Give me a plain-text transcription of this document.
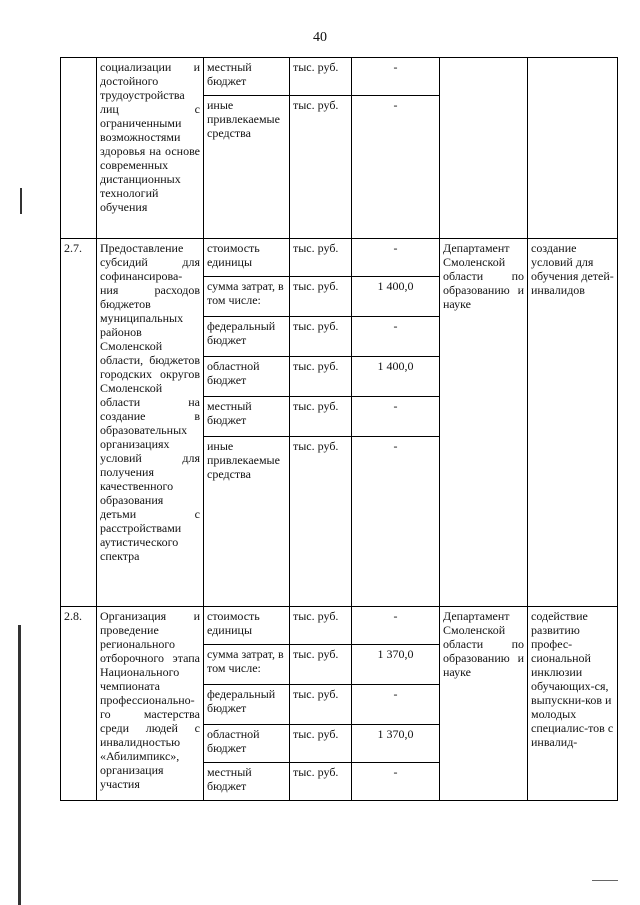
40
	социализации и достойного трудоустройства лиц с ограниченными возможностями здоровья на основе современных дистанционных технологий обучения	местный бюджет	тыс. руб.	-		
		иные привлекаемые средства	тыс. руб.	-		
2.7.	Предоставление субсидий для софинансирова-ния расходов бюджетов муниципальных районов Смоленской области, бюджетов городских округов Смоленской области на создание в образовательных организациях условий для получения качественного образования детьми с расстройствами аутистического спектра	стоимость единицы	тыс. руб.	-	Департамент Смоленской области по образованию и науке	создание условий для обучения детей-инвалидов
		сумма затрат, в том числе:	тыс. руб.	1 400,0		
		федеральный бюджет	тыс. руб.	-		
		областной бюджет	тыс. руб.	1 400,0		
		местный бюджет	тыс. руб.	-		
		иные привлекаемые средства	тыс. руб.	-		
2.8.	Организация и проведение регионального отборочного этапа Национального чемпионата профессионально-го мастерства среди людей с инвалидностью «Абилимпикс», организация участия	стоимость единицы	тыс. руб.	-	Департамент Смоленской области по образованию и науке	содействие развитию профес-сиональной инклюзии обучающих-ся, выпускни-ков и молодых специалис-тов с инвалид-
		сумма затрат, в том числе:	тыс. руб.	1 370,0		
		федеральный бюджет	тыс. руб.	-		
		областной бюджет	тыс. руб.	1 370,0		
		местный бюджет	тыс. руб.	-		
